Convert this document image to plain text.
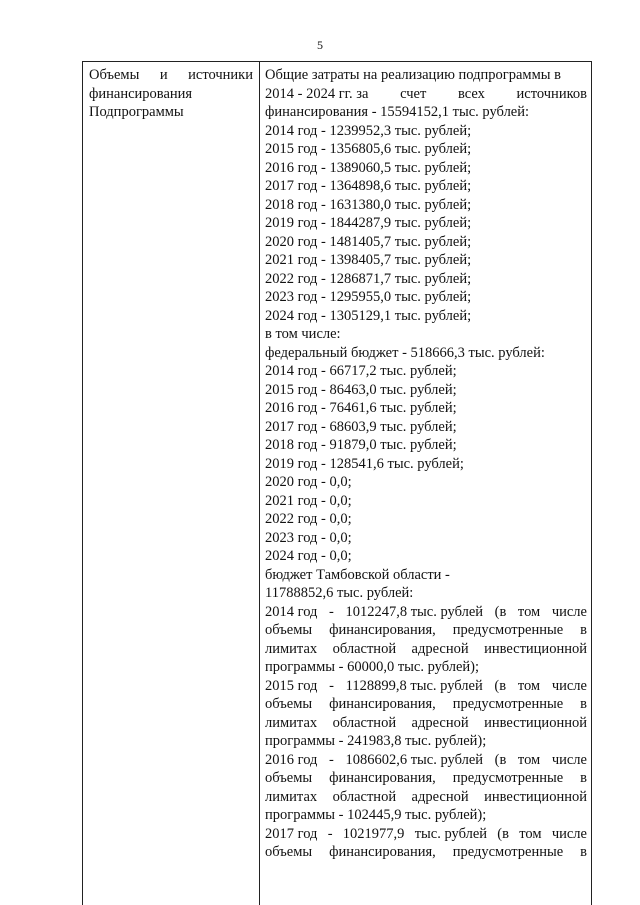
5
Объемы и источники
финансирования
Подпрограммы
Общие затраты на реализацию подпрограммы в
2014 - 2024 гг. за счет всех источников
финансирования - 15594152,1 тыс. рублей:
2014 год - 1239952,3 тыс. рублей;
2015 год - 1356805,6 тыс. рублей;
2016 год - 1389060,5 тыс. рублей;
2017 год - 1364898,6 тыс. рублей;
2018 год - 1631380,0 тыс. рублей;
2019 год - 1844287,9 тыс. рублей;
2020 год - 1481405,7 тыс. рублей;
2021 год - 1398405,7 тыс. рублей;
2022 год - 1286871,7 тыс. рублей;
2023 год - 1295955,0 тыс. рублей;
2024 год - 1305129,1 тыс. рублей;
в том числе:
федеральный бюджет - 518666,3 тыс. рублей:
2014 год - 66717,2 тыс. рублей;
2015 год - 86463,0 тыс. рублей;
2016 год - 76461,6 тыс. рублей;
2017 год - 68603,9 тыс. рублей;
2018 год - 91879,0 тыс. рублей;
2019 год - 128541,6 тыс. рублей;
2020 год - 0,0;
2021 год - 0,0;
2022 год - 0,0;
2023 год - 0,0;
2024 год - 0,0;
бюджет Тамбовской области -
11788852,6 тыс. рублей:
2014 год - 1012247,8 тыс. рублей (в том числе
объемы финансирования, предусмотренные в
лимитах областной адресной инвестиционной
программы - 60000,0 тыс. рублей);
2015 год - 1128899,8 тыс. рублей (в том числе
объемы финансирования, предусмотренные в
лимитах областной адресной инвестиционной
программы - 241983,8 тыс. рублей);
2016 год - 1086602,6 тыс. рублей (в том числе
объемы финансирования, предусмотренные в
лимитах областной адресной инвестиционной
программы - 102445,9 тыс. рублей);
2017 год - 1021977,9 тыс. рублей (в том числе
объемы финансирования, предусмотренные в
